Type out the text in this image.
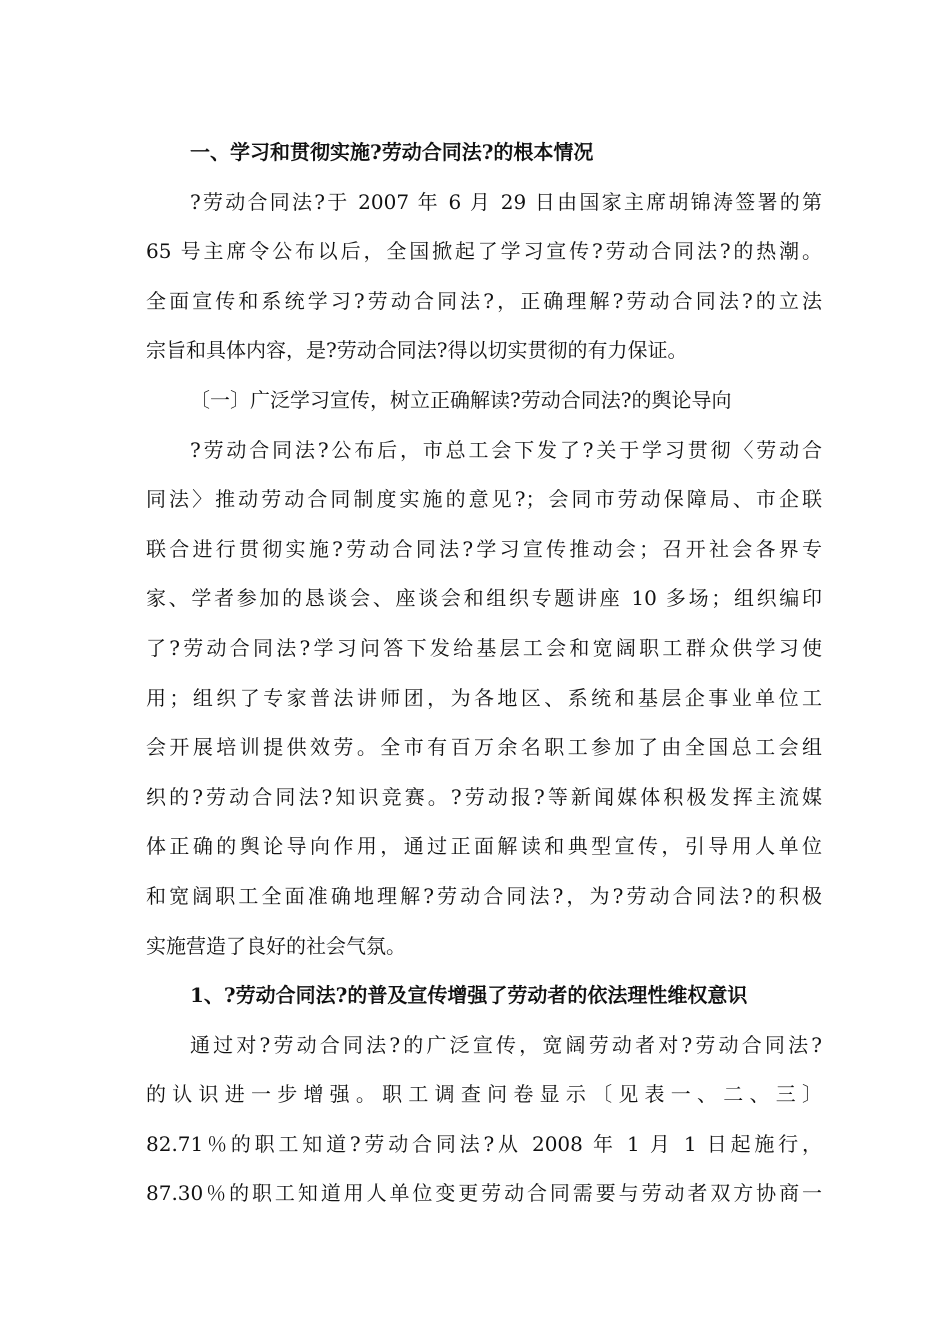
一、学习和贯彻实施?劳动合同法?的根本情况
?劳动合同法?于 2007 年 6 月 29 日由国家主席胡锦涛签署的第
65 号主席令公布以后，全国掀起了学习宣传?劳动合同法?的热潮。
全面宣传和系统学习?劳动合同法?，正确理解?劳动合同法?的立法
宗旨和具体内容，是?劳动合同法?得以切实贯彻的有力保证。
〔一〕广泛学习宣传，树立正确解读?劳动合同法?的舆论导向
?劳动合同法?公布后，市总工会下发了?关于学习贯彻〈劳动合
同法〉推动劳动合同制度实施的意见?；会同市劳动保障局、市企联
联合进行贯彻实施?劳动合同法?学习宣传推动会；召开社会各界专
家、学者参加的恳谈会、座谈会和组织专题讲座 10 多场；组织编印
了?劳动合同法?学习问答下发给基层工会和宽阔职工群众供学习使
用；组织了专家普法讲师团，为各地区、系统和基层企事业单位工
会开展培训提供效劳。全市有百万余名职工参加了由全国总工会组
织的?劳动合同法?知识竞赛。?劳动报?等新闻媒体积极发挥主流媒
体正确的舆论导向作用，通过正面解读和典型宣传，引导用人单位
和宽阔职工全面准确地理解?劳动合同法?，为?劳动合同法?的积极
实施营造了良好的社会气氛。
1、?劳动合同法?的普及宣传增强了劳动者的依法理性维权意识
通过对?劳动合同法?的广泛宣传，宽阔劳动者对?劳动合同法?
的认识进一步增强。职工调查问卷显示〔见表一、二、三〕
82.71％的职工知道?劳动合同法?从 2008 年 1 月 1 日起施行，
87.30％的职工知道用人单位变更劳动合同需要与劳动者双方协商一
